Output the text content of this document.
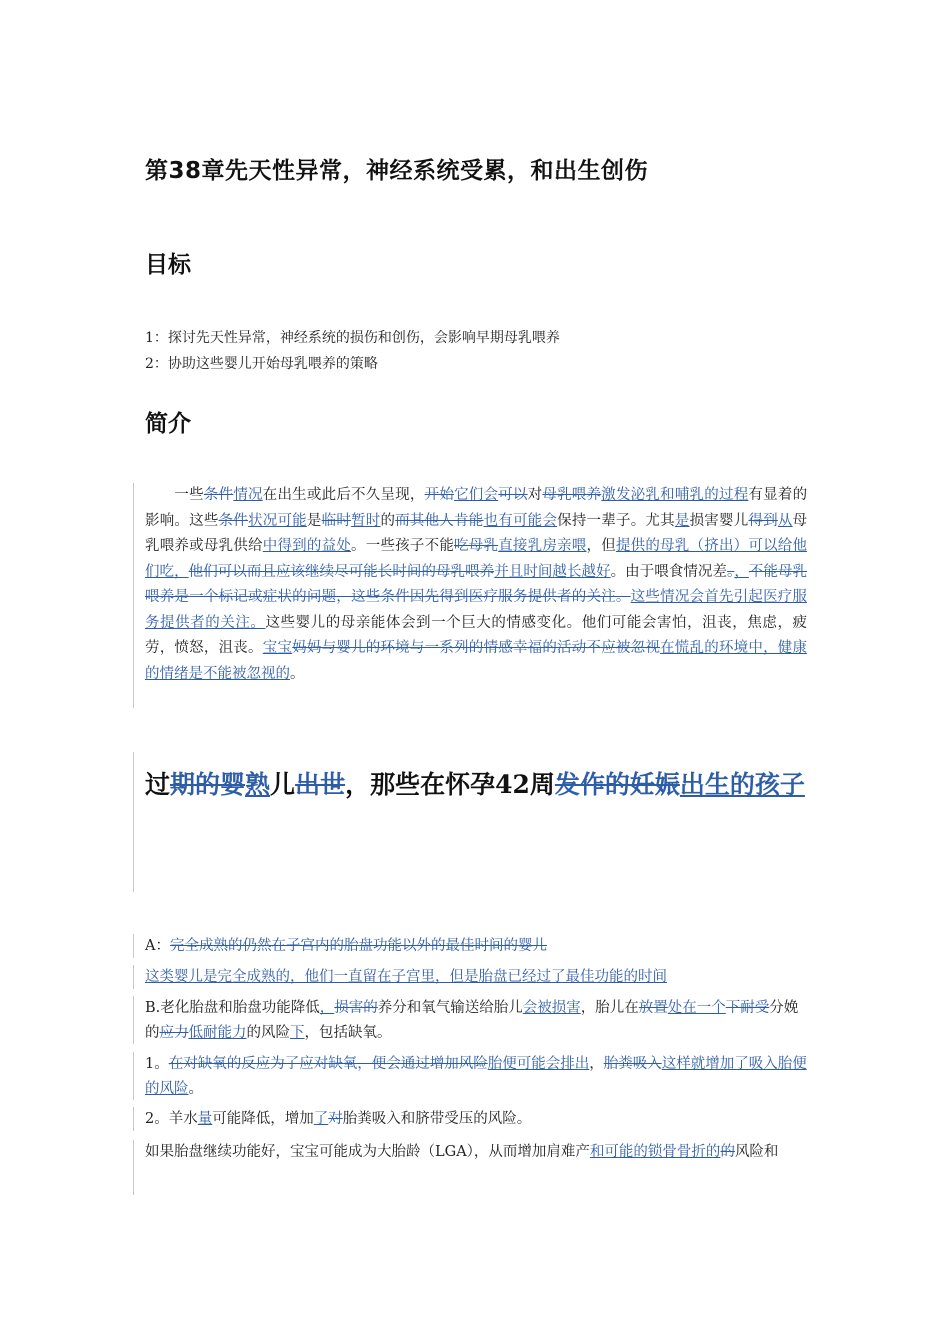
第38章先天性异常，神经系统受累，和出生创伤
目标
1：探讨先天性异常，神经系统的损伤和创伤，会影响早期母乳喂养
2：协助这些婴儿开始母乳喂养的策略
简介
　　一些条件情况在出生或此后不久呈现，开始它们会可以对母乳喂养激发泌乳和哺乳的过程有显着的影响。这些条件状况可能是临时暂时的而其他人肯能也有可能会保持一辈子。尤其是损害婴儿得到从母乳喂养或母乳供给中得到的益处。一些孩子不能吃母乳直接乳房亲喂，但提供的母乳（挤出）可以给他们吃，他们可以而且应该继续尽可能长时间的母乳喂养并且时间越长越好。由于喂食情况差。，不能母乳喂养是一个标记或症状的问题，这些条件因先得到医疗服务提供者的关注。这些情况会首先引起医疗服务提供者的关注。这些婴儿的母亲能体会到一个巨大的情感变化。他们可能会害怕，沮丧，焦虑，疲劳，愤怒，沮丧。宝宝妈妈与婴儿的环境与一系列的情感幸福的活动不应被忽视在慌乱的环境中，健康的情绪是不能被忽视的。
过期的婴熟儿出世，那些在怀孕42周发作的妊娠出生的孩子
A：完全成熟的仍然在子宫内的胎盘功能以外的最佳时间的婴儿
这类婴儿是完全成熟的，他们一直留在子宫里，但是胎盘已经过了最佳功能的时间
B.老化胎盘和胎盘功能降低，损害的养分和氧气输送给胎儿会被损害，胎儿在放置处在一个下耐受分娩的应力低耐能力的风险下，包括缺氧。
1。在对缺氧的反应为了应对缺氧，便会通过增加风险胎便可能会排出，胎粪吸入这样就增加了吸入胎便的风险。
2。羊水量可能降低，增加了对胎粪吸入和脐带受压的风险。
如果胎盘继续功能好，宝宝可能成为大胎龄（LGA），从而增加肩难产和可能的锁骨骨折的的风险和
